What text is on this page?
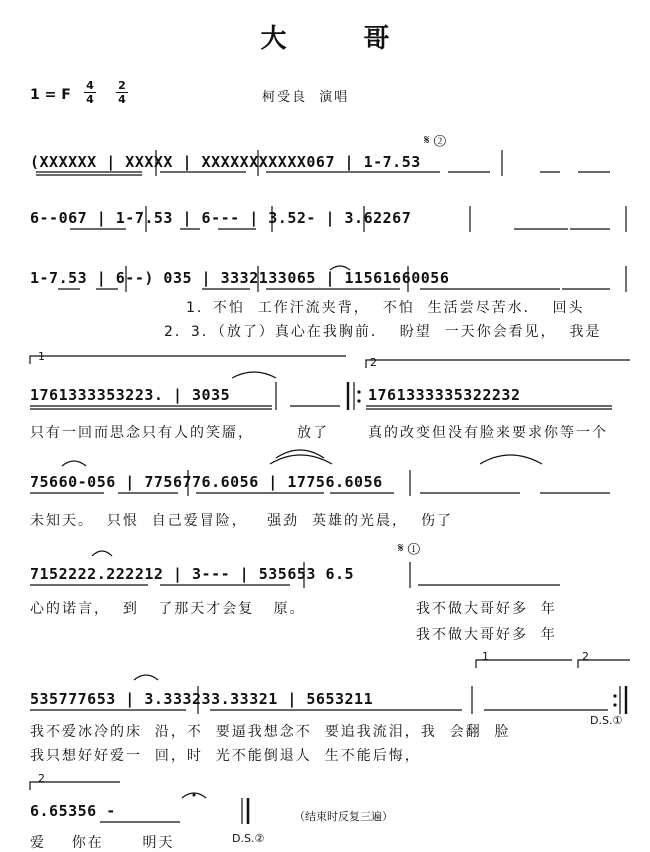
大 哥
1 = F
4
4
2
4	柯受良  演唱
𝄋 ②
(XXXXXX | XXXXX | XXXXXXXXXXX067 | 1-7.53
6--067 | 1-7.53 | 6--- | 3.52- | 3.62267
1-7.53 | 6--) 035 | 3332133065 | 11561660056
1．不怕  工作汗流夹背，  不怕  生活尝尽苦水．  回头
2．3．（放了）真心在我胸前．  盼望  一天你会看见，  我是
1	2
1761333353223. | 3035	1761333335322232
只有一回而思念只有人的笑靥，	放了	真的改变但没有脸来要求你等一个
75660-056 | 7756776.6056 | 17756.6056
未知天。  只恨  自己爱冒险，   强劲  英雄的光晨，  伤了
𝄋 ①
7152222.222212 | 3--- | 535653 6.5
心的诺言，  到   了那天才会复   原。	我不做大哥好多  年
我不做大哥好多  年
1	2
535777653 | 3.333233.33321 | 5653211
D.S.①
我不爱冰冷的床  沿，不  要逼我想念不  要追我流泪，我  会翻  脸
我只想好好爱一  回，时  光不能倒退人  生不能后悔，
2
6.65356 -	（结束时反复三遍）
爱    你在      明天	D.S.②
